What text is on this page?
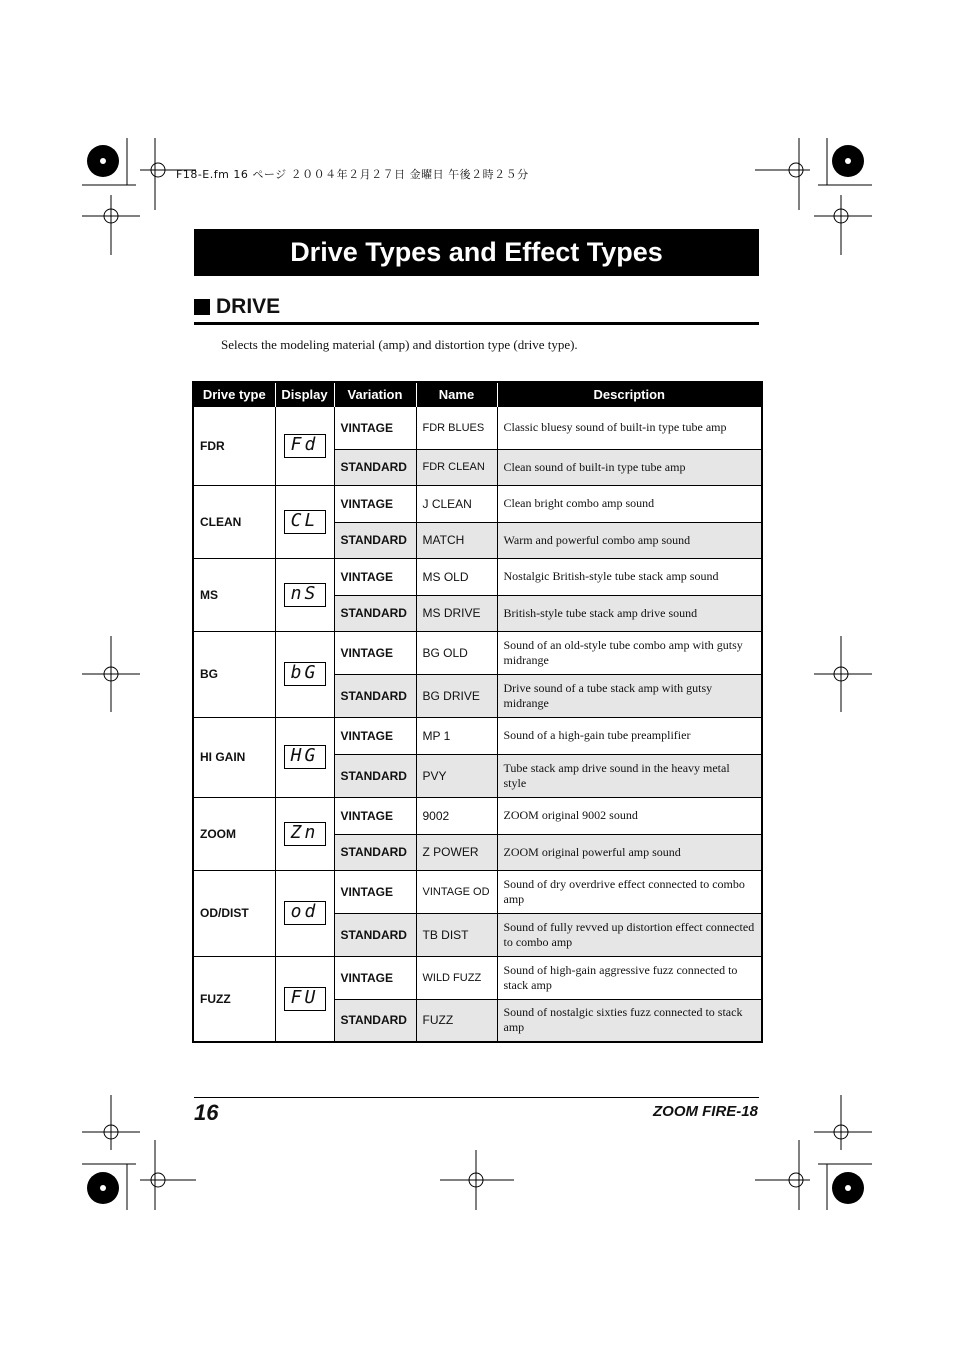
F18-E.fm 16 ページ ２００４年２月２７日 金曜日 午後２時２５分
Drive Types and Effect Types
DRIVE

Selects the modeling material (amp) and distortion type (drive type).

Drive type	Display	Variation	Name	Description
FDR	Fd	VINTAGE	FDR BLUES	Classic bluesy sound of built-in type tube amp
		STANDARD	FDR CLEAN	Clean sound of built-in type tube amp
CLEAN	CL	VINTAGE	J CLEAN	Clean bright combo amp sound
		STANDARD	MATCH	Warm and powerful combo amp sound
MS	nS	VINTAGE	MS OLD	Nostalgic British-style tube stack amp sound
		STANDARD	MS DRIVE	British-style tube stack amp drive sound
BG	bG	VINTAGE	BG OLD	Sound of an old-style tube combo amp with gutsy midrange
		STANDARD	BG DRIVE	Drive sound of a tube stack amp with gutsy midrange
HI GAIN	HG	VINTAGE	MP 1	Sound of a high-gain tube preamplifier
		STANDARD	PVY	Tube stack amp drive sound in the heavy metal style
ZOOM	Zn	VINTAGE	9002	ZOOM original 9002 sound
		STANDARD	Z POWER	ZOOM original powerful amp sound
OD/DIST	od	VINTAGE	VINTAGE OD	Sound of dry overdrive effect connected to combo amp
		STANDARD	TB DIST	Sound of fully revved up distortion effect connected to combo amp
FUZZ	FU	VINTAGE	WILD FUZZ	Sound of high-gain aggressive fuzz connected to stack amp
		STANDARD	FUZZ	Sound of nostalgic sixties fuzz connected to stack amp
16	ZOOM FIRE-18
